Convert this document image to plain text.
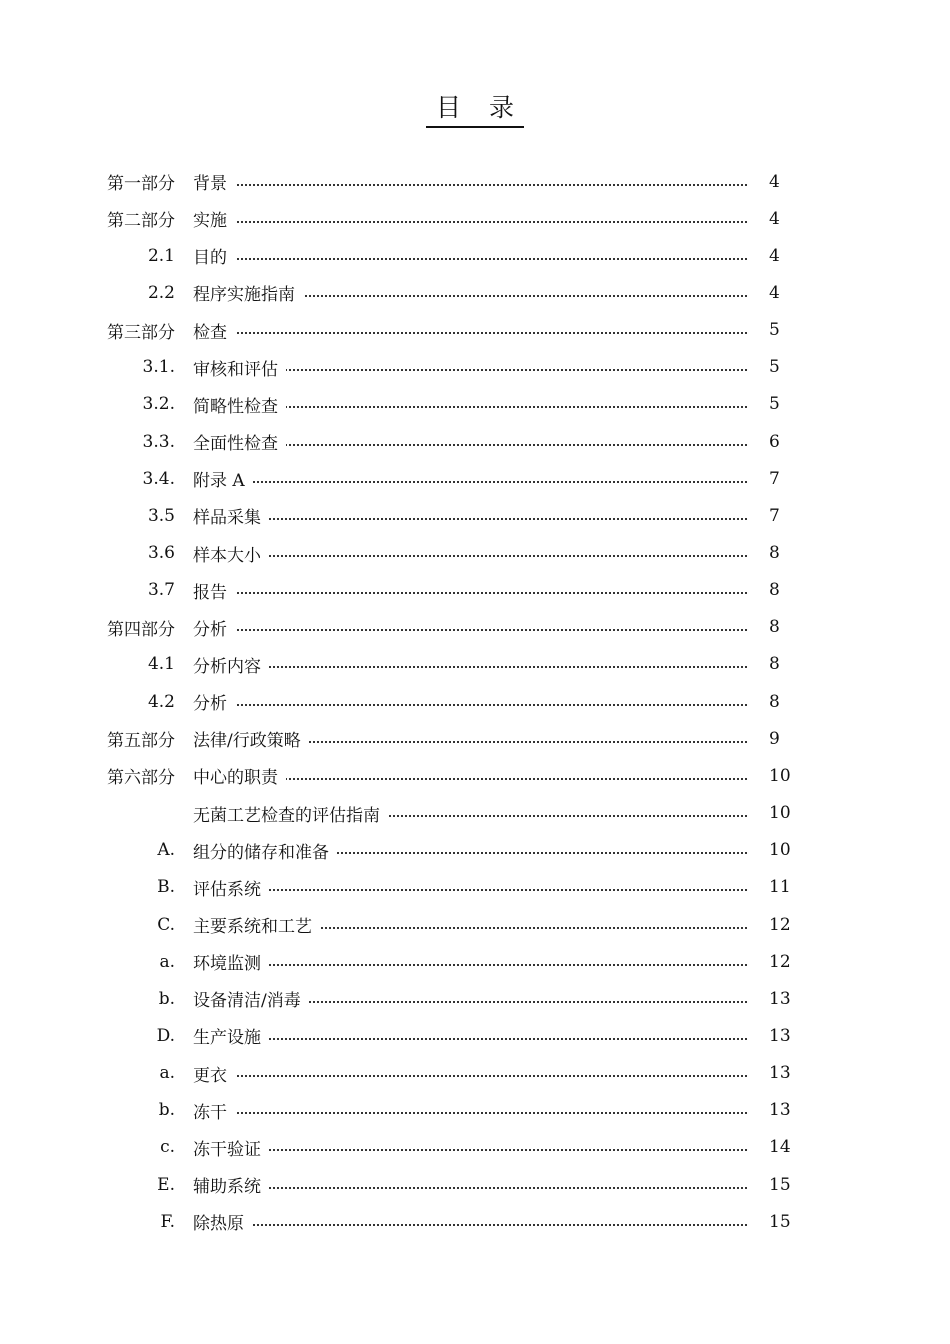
目 录
第一部分 背景	4
第二部分 实施	4
2.1 目的	4
2.2 程序实施指南	4
第三部分 检查	5
3.1. 审核和评估	5
3.2. 简略性检查	5
3.3. 全面性检查	6
3.4. 附录 A	7
3.5 样品采集	7
3.6 样本大小	8
3.7 报告	8
第四部分 分析	8
4.1 分析内容	8
4.2 分析	8
第五部分 法律/行政策略	9
第六部分 中心的职责	10
无菌工艺检查的评估指南	10
A. 组分的储存和准备	10
B. 评估系统	11
C. 主要系统和工艺	12
a. 环境监测	12
b. 设备清洁/消毒	13
D. 生产设施	13
a. 更衣	13
b. 冻干	13
c. 冻干验证	14
E. 辅助系统	15
F. 除热原	15
